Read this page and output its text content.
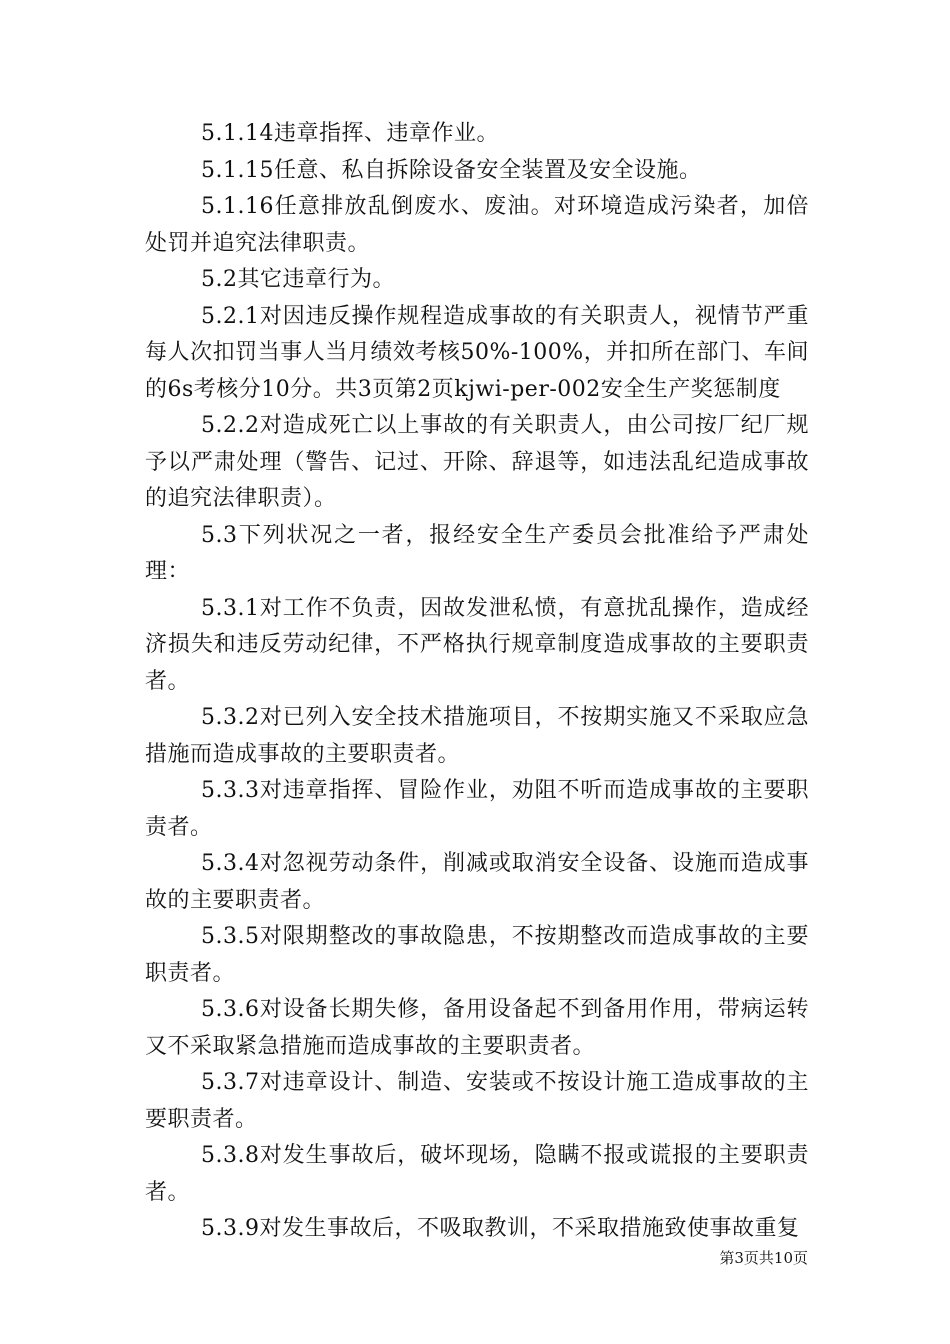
5.1.14违章指挥、违章作业。

5.1.15任意、私自拆除设备安全装置及安全设施。

5.1.16任意排放乱倒废水、废油。对环境造成污染者，加倍处罚并追究法律职责。

5.2其它违章行为。

5.2.1对因违反操作规程造成事故的有关职责人，视情节严重每人次扣罚当事人当月绩效考核50%-100%，并扣所在部门、车间的6s考核分10分。共3页第2页kjwi-per-002安全生产奖惩制度

5.2.2对造成死亡以上事故的有关职责人，由公司按厂纪厂规予以严肃处理（警告、记过、开除、辞退等，如违法乱纪造成事故的追究法律职责）。

5.3下列状况之一者，报经安全生产委员会批准给予严肃处理：

5.3.1对工作不负责，因故发泄私愤，有意扰乱操作，造成经济损失和违反劳动纪律，不严格执行规章制度造成事故的主要职责者。

5.3.2对已列入安全技术措施项目，不按期实施又不采取应急措施而造成事故的主要职责者。

5.3.3对违章指挥、冒险作业，劝阻不听而造成事故的主要职责者。

5.3.4对忽视劳动条件，削减或取消安全设备、设施而造成事故的主要职责者。

5.3.5对限期整改的事故隐患，不按期整改而造成事故的主要职责者。

5.3.6对设备长期失修，备用设备起不到备用作用，带病运转又不采取紧急措施而造成事故的主要职责者。

5.3.7对违章设计、制造、安装或不按设计施工造成事故的主要职责者。

5.3.8对发生事故后，破坏现场，隐瞒不报或谎报的主要职责者。

5.3.9对发生事故后，不吸取教训，不采取措施致使事故重复

第3页共10页
